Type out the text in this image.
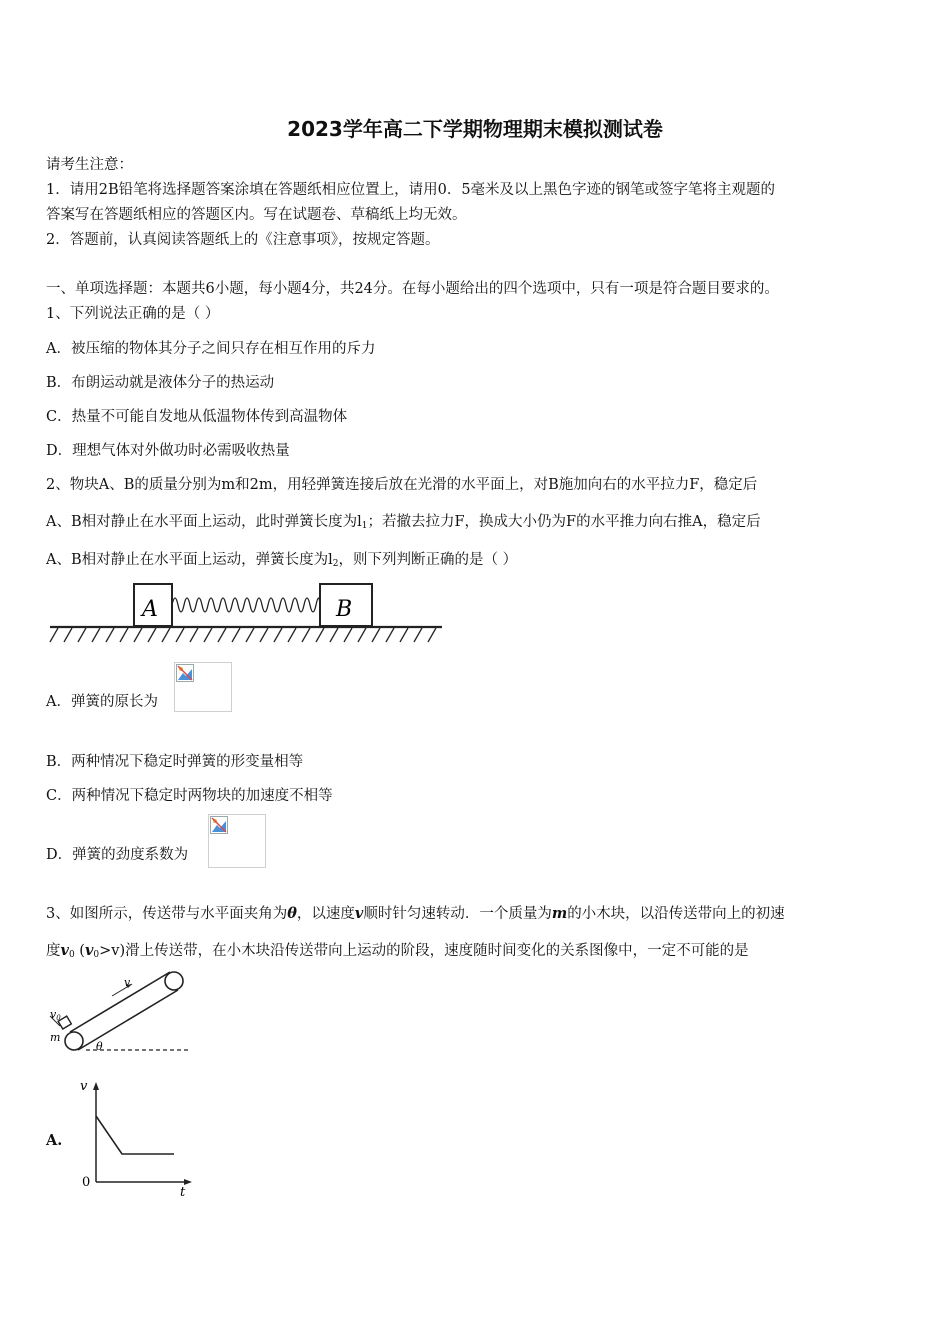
2023学年高二下学期物理期末模拟测试卷
请考生注意：
1．请用2B铅笔将选择题答案涂填在答题纸相应位置上，请用0．5毫米及以上黑色字迹的钢笔或签字笔将主观题的
答案写在答题纸相应的答题区内。写在试题卷、草稿纸上均无效。
2．答题前，认真阅读答题纸上的《注意事项》，按规定答题。
一、单项选择题：本题共6小题，每小题4分，共24分。在每小题给出的四个选项中，只有一项是符合题目要求的。
1、下列说法正确的是（ ）
A．被压缩的物体其分子之间只存在相互作用的斥力
B．布朗运动就是液体分子的热运动
C．热量不可能自发地从低温物体传到高温物体
D．理想气体对外做功时必需吸收热量
2、物块A、B的质量分别为m和2m，用轻弹簧连接后放在光滑的水平面上，对B施加向右的水平拉力F，稳定后
A、B相对静止在水平面上运动，此时弹簧长度为$l_1$；若撤去拉力F，换成大小仍为F的水平推力向右推A，稳定后
A、B相对静止在水平面上运动，弹簧长度为$l_2$，则下列判断正确的是（ ）
A	B
A．弹簧的原长为
B．两种情况下稳定时弹簧的形变量相等
C．两种情况下稳定时两物块的加速度不相等
D．弹簧的劲度系数为
3、如图所示，传送带与水平面夹角为θ，以速度v顺时针匀速转动．一个质量为m的小木块，以沿传送带向上的初速
度$v_0$ $(v_0>v)$滑上传送带，在小木块沿传送带向上运动的阶段，速度随时间变化的关系图像中，一定不可能的是
v
v0
m
θ
A.
v
0
t
